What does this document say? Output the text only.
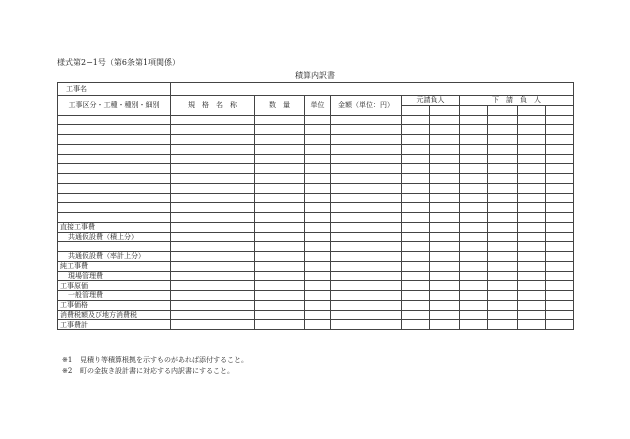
様式第2−1号（第6条第1項関係）
積算内訳書
工事名										
工事区分・工種・種別・細別	規　格　名　称	数　量	単位	金額（単位：円）	元請負人		下　請　負　人			

直接工事費										
共通仮設費（積上分）										

共通仮設費（率計上分）										
純工事費										
現場管理費										
工事原価										
一般管理費										
工事価格										
消費税額及び地方消費税										
工事費計										
※1 見積り等積算根拠を示すものがあれば添付すること。
※2 町の金抜き設計書に対応する内訳書にすること。
